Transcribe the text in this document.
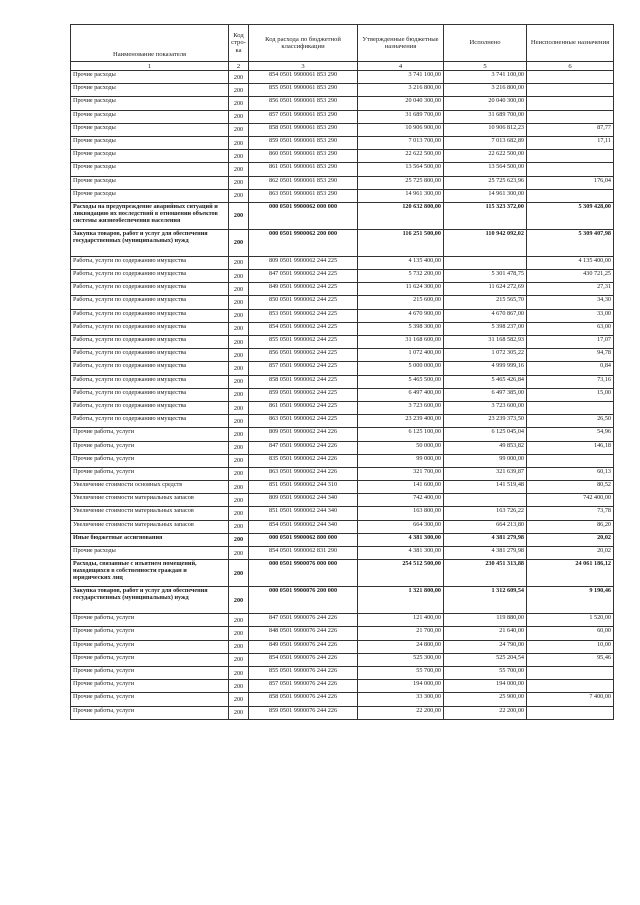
Наименование показателя	Код стро-ка	Код расхода по бюджетной классификации	Утвержденные бюджетные назначения	Исполнено	Неисполненные назначения
1	2	3	4	5	6
Прочие расходы	200	854 0501 9900061 853 290	3 741 100,00	3 741 100,00	
Прочие расходы	200	855 0501 9900061 853 290	3 216 800,00	3 216 800,00	
Прочие расходы	200	856 0501 9900061 853 290	20 040 300,00	20 040 300,00	
Прочие расходы	200	857 0501 9900061 853 290	31 689 700,00	31 689 700,00	
Прочие расходы	200	858 0501 9900061 853 290	10 906 900,00	10 906 812,23	87,77
Прочие расходы	200	859 0501 9900061 853 290	7 013 700,00	7 013 682,89	17,11
Прочие расходы	200	860 0501 9900061 853 290	22 622 500,00	22 622 500,00	
Прочие расходы	200	861 0501 9900061 853 290	13 564 500,00	13 564 500,00	
Прочие расходы	200	862 0501 9900061 853 290	25 725 800,00	25 725 623,96	176,04
Прочие расходы	200	863 0501 9900061 853 290	14 961 300,00	14 961 300,00	
Расходы на предупреждение аварийных ситуаций и ликвидацию их последствий в отношении объектов системы жизнеобеспечения населения	200	000 0501 9900062 000 000	120 632 800,00	115 323 372,00	5 309 428,00
Закупка товаров, работ и услуг для обеспечения государственных (муниципальных) нужд	200	000 0501 9900062 200 000	116 251 500,00	110 942 092,02	5 309 407,98
Работы, услуги по содержанию имущества	200	809 0501 9900062 244 225	4 135 400,00		4 135 400,00
Работы, услуги по содержанию имущества	200	847 0501 9900062 244 225	5 732 200,00	5 301 478,75	430 721,25
Работы, услуги по содержанию имущества	200	849 0501 9900062 244 225	11 624 300,00	11 624 272,69	27,31
Работы, услуги по содержанию имущества	200	850 0501 9900062 244 225	215 600,00	215 565,70	34,30
Работы, услуги по содержанию имущества	200	853 0501 9900062 244 225	4 670 900,00	4 670 867,00	33,00
Работы, услуги по содержанию имущества	200	854 0501 9900062 244 225	5 398 300,00	5 398 237,00	63,00
Работы, услуги по содержанию имущества	200	855 0501 9900062 244 225	31 168 600,00	31 168 582,93	17,07
Работы, услуги по содержанию имущества	200	856 0501 9900062 244 225	1 072 400,00	1 072 305,22	94,78
Работы, услуги по содержанию имущества	200	857 0501 9900062 244 225	5 000 000,00	4 999 999,16	0,84
Работы, услуги по содержанию имущества	200	858 0501 9900062 244 225	5 465 500,00	5 465 426,84	73,16
Работы, услуги по содержанию имущества	200	859 0501 9900062 244 225	6 497 400,00	6 497 385,00	15,00
Работы, услуги по содержанию имущества	200	861 0501 9900062 244 225	3 723 600,00	3 723 600,00	
Работы, услуги по содержанию имущества	200	863 0501 9900062 244 225	23 239 400,00	23 239 373,50	26,50
Прочие работы, услуги	200	809 0501 9900062 244 226	6 125 100,00	6 125 045,04	54,96
Прочие работы, услуги	200	847 0501 9900062 244 226	50 000,00	49 853,82	146,18
Прочие работы, услуги	200	835 0501 9900062 244 226	99 000,00	99 000,00	
Прочие работы, услуги	200	863 0501 9900062 244 226	321 700,00	321 639,87	60,13
Увеличение стоимости основных средств	200	851 0501 9900062 244 310	141 600,00	141 519,48	80,52
Увеличение стоимости материальных запасов	200	809 0501 9900062 244 340	742 400,00		742 400,00
Увеличение стоимости материальных запасов	200	851 0501 9900062 244 340	163 800,00	163 726,22	73,78
Увеличение стоимости материальных запасов	200	854 0501 9900062 244 340	664 300,00	664 213,80	86,20
Иные бюджетные ассигнования	200	000 0501 9900062 800 000	4 381 300,00	4 381 279,98	20,02
Прочие расходы	200	854 0501 9900062 831 290	4 381 300,00	4 381 279,98	20,02
Расходы, связанные с изъятием помещений, находящихся в собственности граждан и юридических лиц	200	000 0501 9900076 000 000	254 512 500,00	230 451 313,88	24 061 186,12
Закупка товаров, работ и услуг для обеспечения государственных (муниципальных) нужд	200	000 0501 9900076 200 000	1 321 800,00	1 312 609,54	9 190,46
Прочие работы, услуги	200	847 0501 9900076 244 226	121 400,00	119 880,00	1 520,00
Прочие работы, услуги	200	848 0501 9900076 244 226	21 700,00	21 640,00	60,00
Прочие работы, услуги	200	849 0501 9900076 244 226	24 800,00	24 790,00	10,00
Прочие работы, услуги	200	854 0501 9900076 244 226	525 300,00	525 204,54	95,46
Прочие работы, услуги	200	855 0501 9900076 244 226	55 700,00	55 700,00	
Прочие работы, услуги	200	857 0501 9900076 244 226	194 000,00	194 000,00	
Прочие работы, услуги	200	858 0501 9900076 244 226	33 300,00	25 900,00	7 400,00
Прочие работы, услуги	200	859 0501 9900076 244 226	22 200,00	22 200,00	
